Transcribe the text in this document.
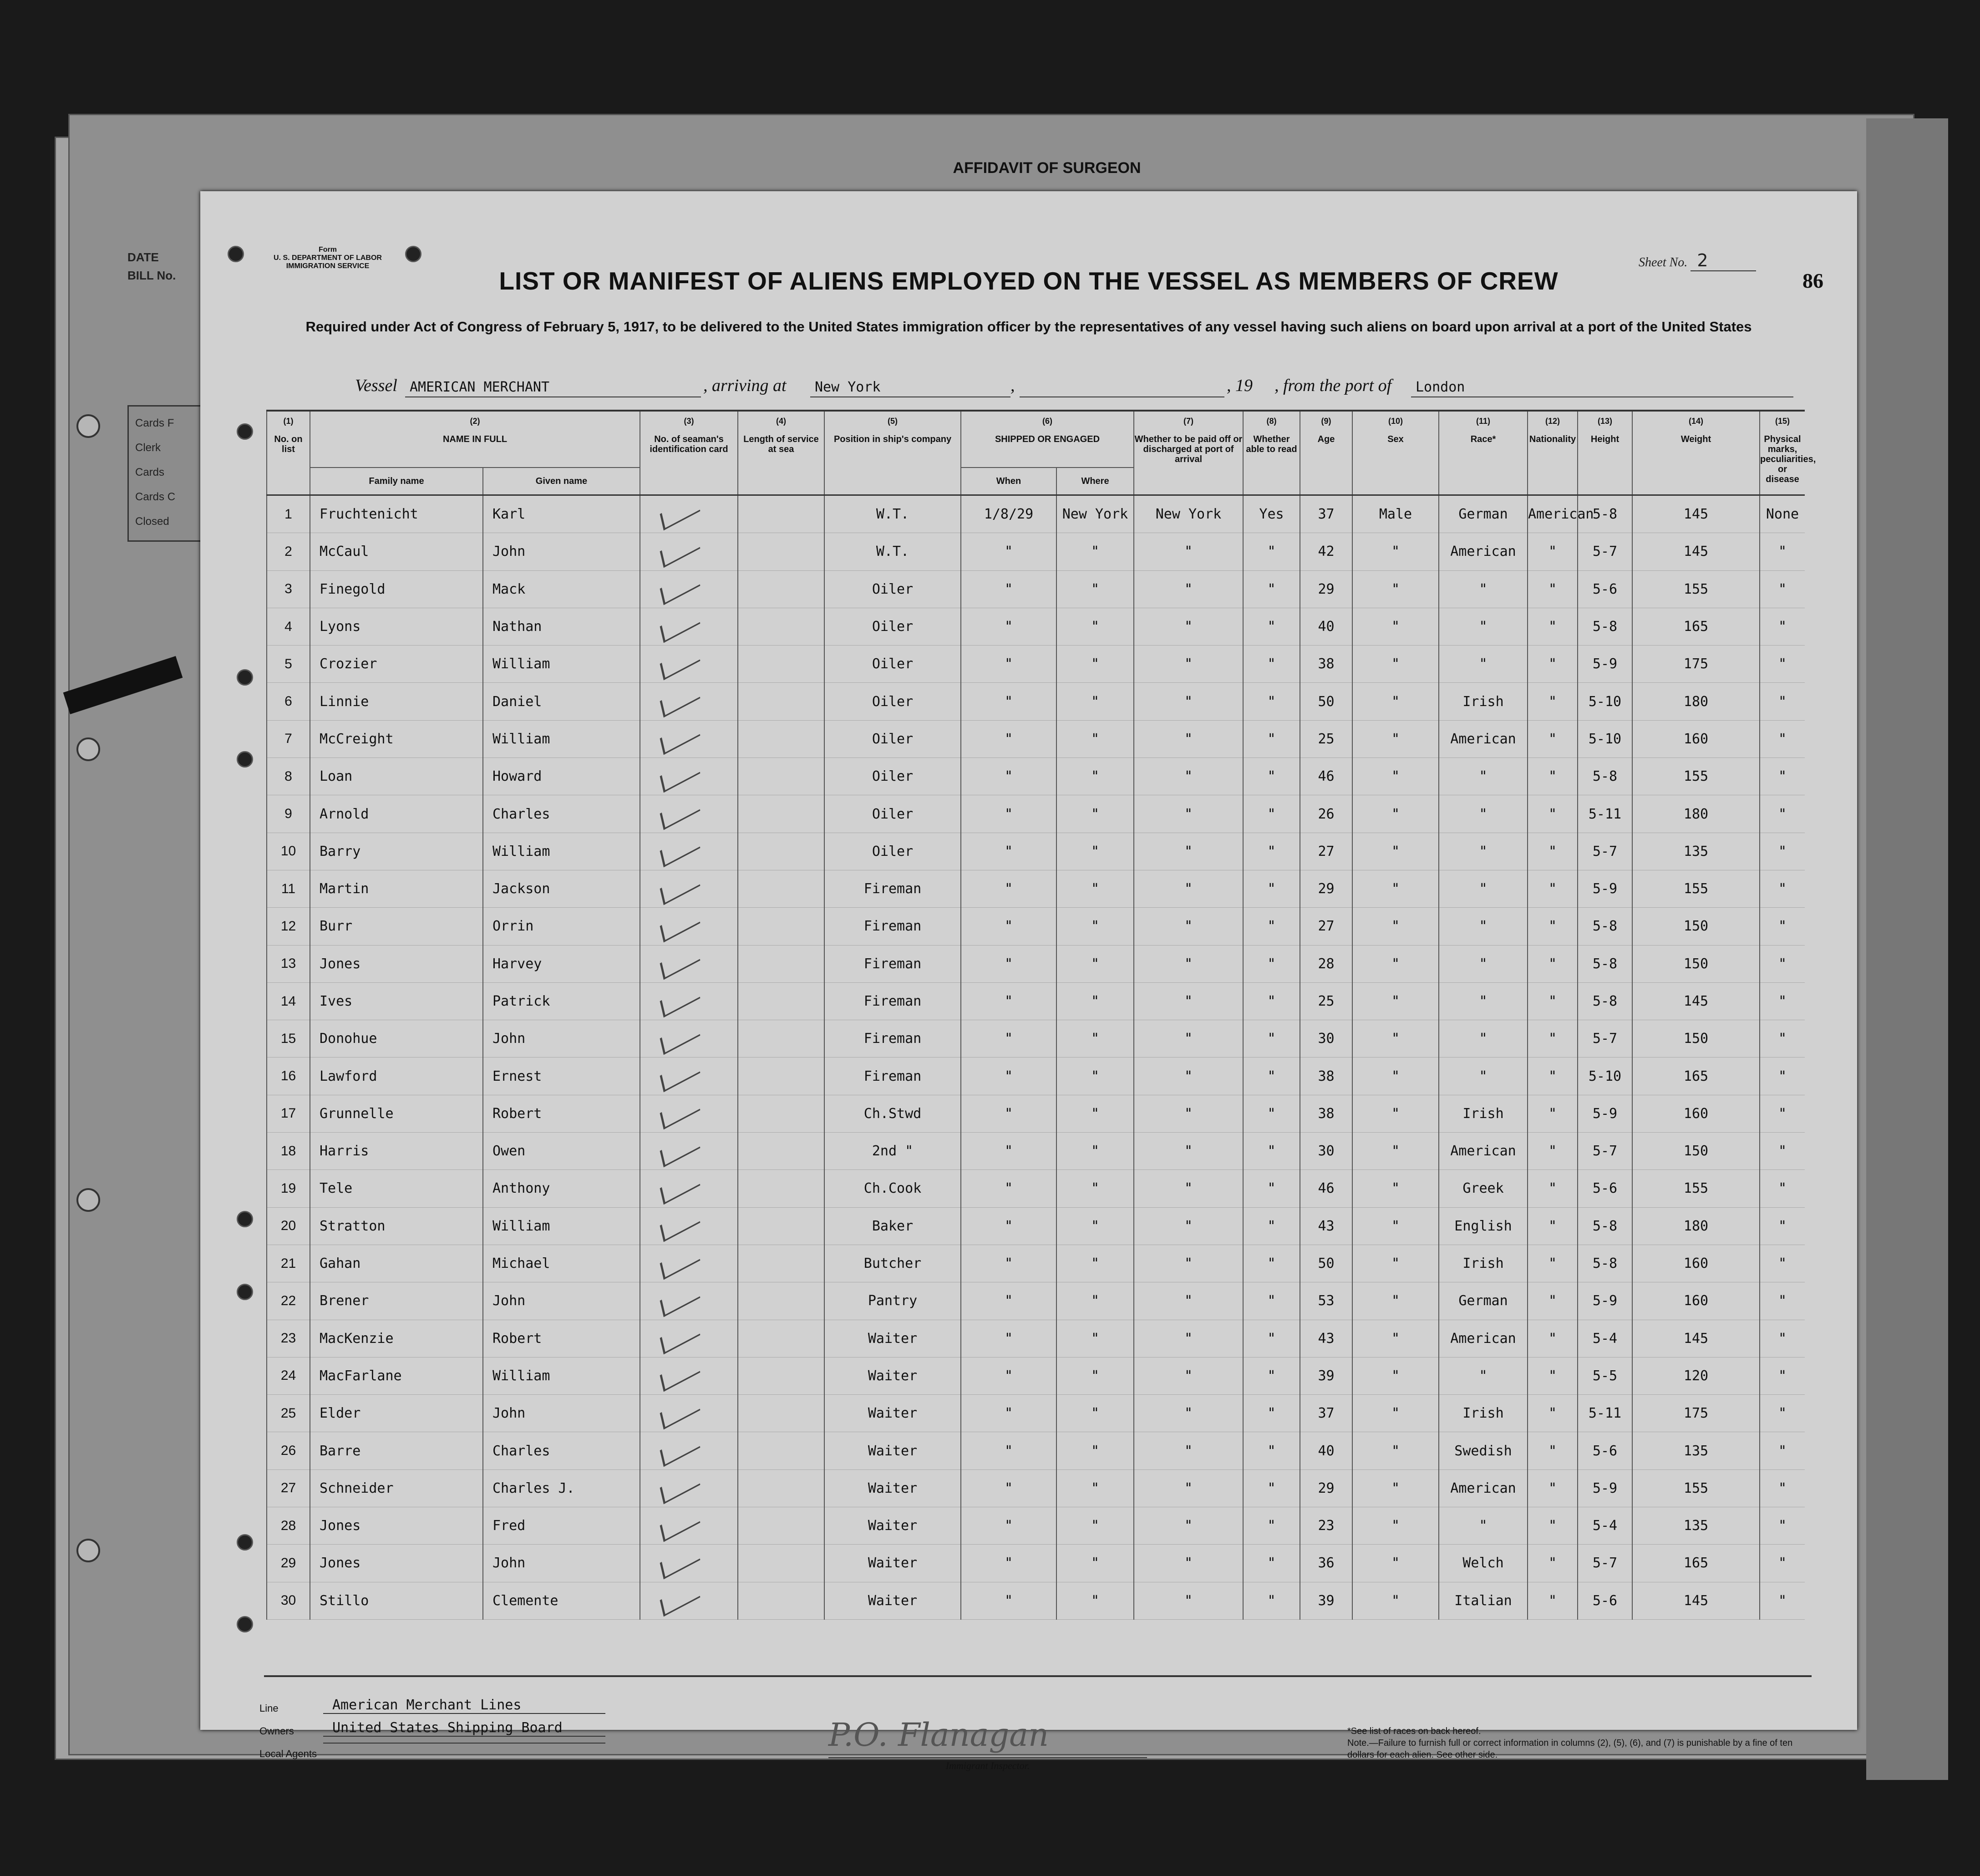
AFFIDAVIT OF SURGEON
DATE
BILL No.
Cards F
Clerk
Cards
Cards C
Closed
Form
U. S. DEPARTMENT OF LABOR
IMMIGRATION SERVICE	Sheet No. 2
86
LIST OR MANIFEST OF ALIENS EMPLOYED ON THE VESSEL AS MEMBERS OF CREW
Required under Act of Congress of February 5, 1917, to be delivered to the United States immigration officer by the representatives of any vessel having such aliens on board upon arrival at a port of the United States
Vessel AMERICAN MERCHANT	, arriving at	New York	,	, 19 , from the port of	London
(1)	(2)		(3)	(4)	(5)	(6)		(7)	(8)	(9)	(10)	(11)	(12)	(13)	(14)	(15)
No. on list	NAME IN FULL		No. of seaman's identification card	Length of service at sea	Position in ship's company	SHIPPED OR ENGAGED		Whether to be paid off or discharged at port of arrival	Whether able to read	Age	Sex	Race*	Nationality	Height	Weight	Physical marks, peculiarities, or disease
	Family name	Given name				When	Where									
1	Fruchtenicht	Karl			W.T.	1/8/29	New York	New York	Yes	37	Male	German	American	5-8	145	None
2	McCaul	John			W.T.	"	"	"	"	42	"	American	"	5-7	145	"
3	Finegold	Mack			Oiler	"	"	"	"	29	"	"	"	5-6	155	"
4	Lyons	Nathan			Oiler	"	"	"	"	40	"	"	"	5-8	165	"
5	Crozier	William			Oiler	"	"	"	"	38	"	"	"	5-9	175	"
6	Linnie	Daniel			Oiler	"	"	"	"	50	"	Irish	"	5-10	180	"
7	McCreight	William			Oiler	"	"	"	"	25	"	American	"	5-10	160	"
8	Loan	Howard			Oiler	"	"	"	"	46	"	"	"	5-8	155	"
9	Arnold	Charles			Oiler	"	"	"	"	26	"	"	"	5-11	180	"
10	Barry	William			Oiler	"	"	"	"	27	"	"	"	5-7	135	"
11	Martin	Jackson			Fireman	"	"	"	"	29	"	"	"	5-9	155	"
12	Burr	Orrin			Fireman	"	"	"	"	27	"	"	"	5-8	150	"
13	Jones	Harvey			Fireman	"	"	"	"	28	"	"	"	5-8	150	"
14	Ives	Patrick			Fireman	"	"	"	"	25	"	"	"	5-8	145	"
15	Donohue	John			Fireman	"	"	"	"	30	"	"	"	5-7	150	"
16	Lawford	Ernest			Fireman	"	"	"	"	38	"	"	"	5-10	165	"
17	Grunnelle	Robert			Ch.Stwd	"	"	"	"	38	"	Irish	"	5-9	160	"
18	Harris	Owen			2nd "	"	"	"	"	30	"	American	"	5-7	150	"
19	Tele	Anthony			Ch.Cook	"	"	"	"	46	"	Greek	"	5-6	155	"
20	Stratton	William			Baker	"	"	"	"	43	"	English	"	5-8	180	"
21	Gahan	Michael			Butcher	"	"	"	"	50	"	Irish	"	5-8	160	"
22	Brener	John			Pantry	"	"	"	"	53	"	German	"	5-9	160	"
23	MacKenzie	Robert			Waiter	"	"	"	"	43	"	American	"	5-4	145	"
24	MacFarlane	William			Waiter	"	"	"	"	39	"	"	"	5-5	120	"
25	Elder	John			Waiter	"	"	"	"	37	"	Irish	"	5-11	175	"
26	Barre	Charles			Waiter	"	"	"	"	40	"	Swedish	"	5-6	135	"
27	Schneider	Charles J.			Waiter	"	"	"	"	29	"	American	"	5-9	155	"
28	Jones	Fred			Waiter	"	"	"	"	23	"	"	"	5-4	135	"
29	Jones	John			Waiter	"	"	"	"	36	"	Welch	"	5-7	165	"
30	Stillo	Clemente			Waiter	"	"	"	"	39	"	Italian	"	5-6	145	"
Line	American Merchant Lines
Owners	United States Shipping Board
Local Agents
P.O. Flanagan
Immigrant Inspector.
*See list of races on back hereof.
Note.—Failure to furnish full or correct information in columns (2), (5), (6), and (7) is punishable by a fine of ten dollars for each alien. See other side.
